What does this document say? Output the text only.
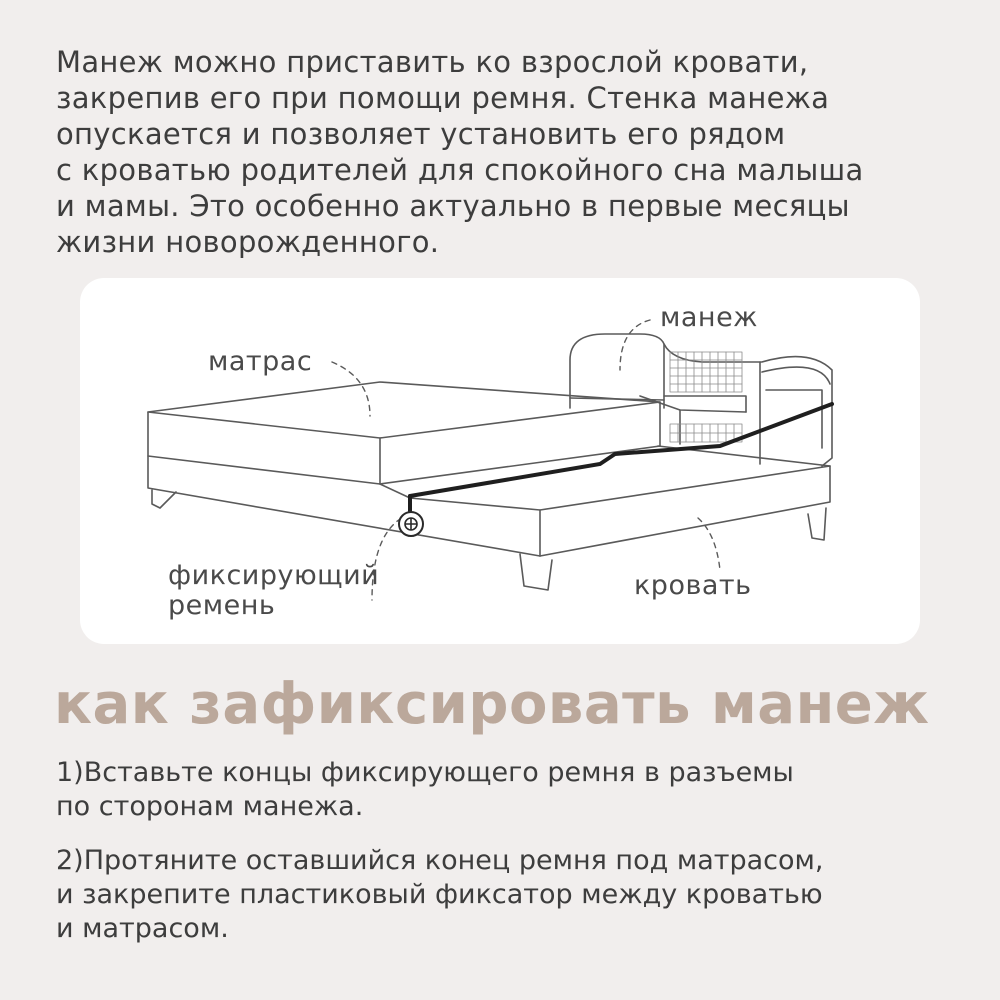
Манеж можно приставить ко взрослой кровати,
закрепив его при помощи ремня. Стенка манежа
опускается и позволяет установить его рядом
с кроватью родителей для спокойного сна малыша
и мамы. Это особенно актуально в первые месяцы
жизни новорожденного.

матрас
манеж
фиксирующий
ремень
кровать
как зафиксировать манеж

1)Вставьте концы фиксирующего ремня в разъемы
по сторонам манежа.

2)Протяните оставшийся конец ремня под матрасом,
и закрепите пластиковый фиксатор между кроватью
и матрасом.
